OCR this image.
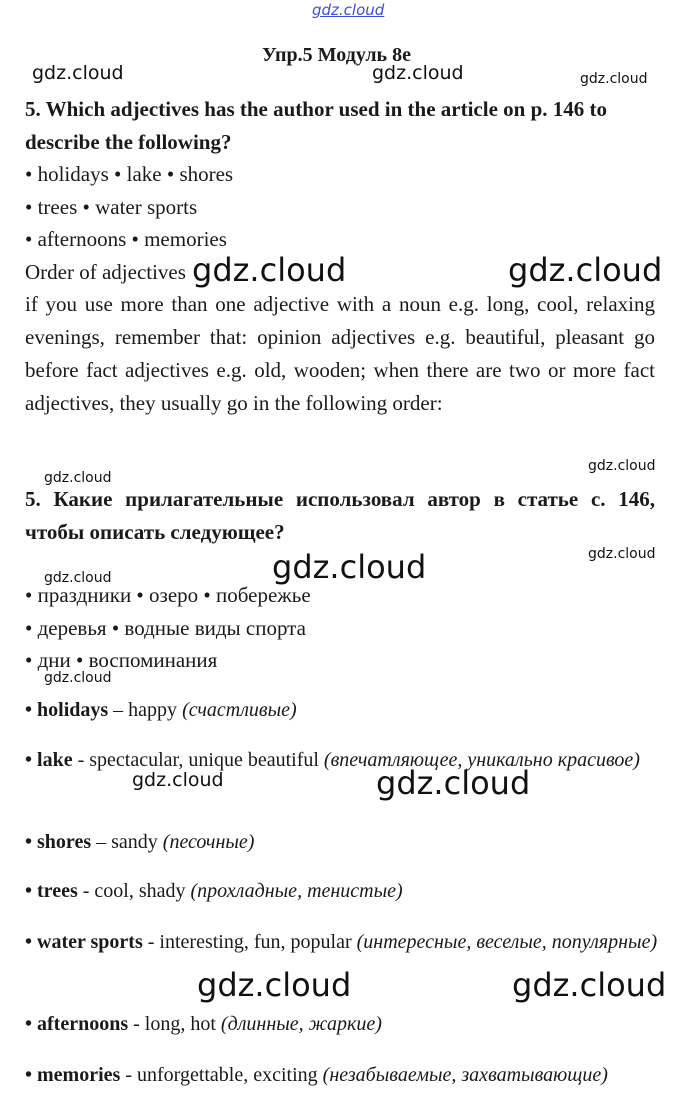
gdz.cloud
Упр.5 Модуль 8e
gdz.cloud	gdz.cloud	gdz.cloud
5. Which adjectives has the author used in the article on p. 146 to
describe the following?
• holidays • lake • shores
• trees • water sports
• afternoons • memories
Order of adjectives gdz.cloud	gdz.cloud
if you use more than one adjective with a noun e.g. long, cool, relaxing evenings, remember that: opinion adjectives e.g. beautiful, pleasant go before fact adjectives e.g. old, wooden; when there are two or more fact adjectives, they usually go in the following order:
gdz.cloud
gdz.cloud
5. Какие прилагательные использовал автор в статье с. 146, чтобы описать следующее?
gdz.cloud
gdz.cloud
gdz.cloud
• праздники • озеро • побережье
• деревья • водные виды спорта
• дни • воспоминания
gdz.cloud
• holidays – happy (счастливые)
• lake - spectacular, unique beautiful (впечатляющее, уникально красивое)
gdz.cloud	gdz.cloud
• shores – sandy (песочные)
• trees - cool, shady (прохладные, тенистые)
• water sports - interesting, fun, popular (интересные, веселые, популярные)
gdz.cloud	gdz.cloud
• afternoons - long, hot (длинные, жаркие)
• memories - unforgettable, exciting (незабываемые, захватывающие)
